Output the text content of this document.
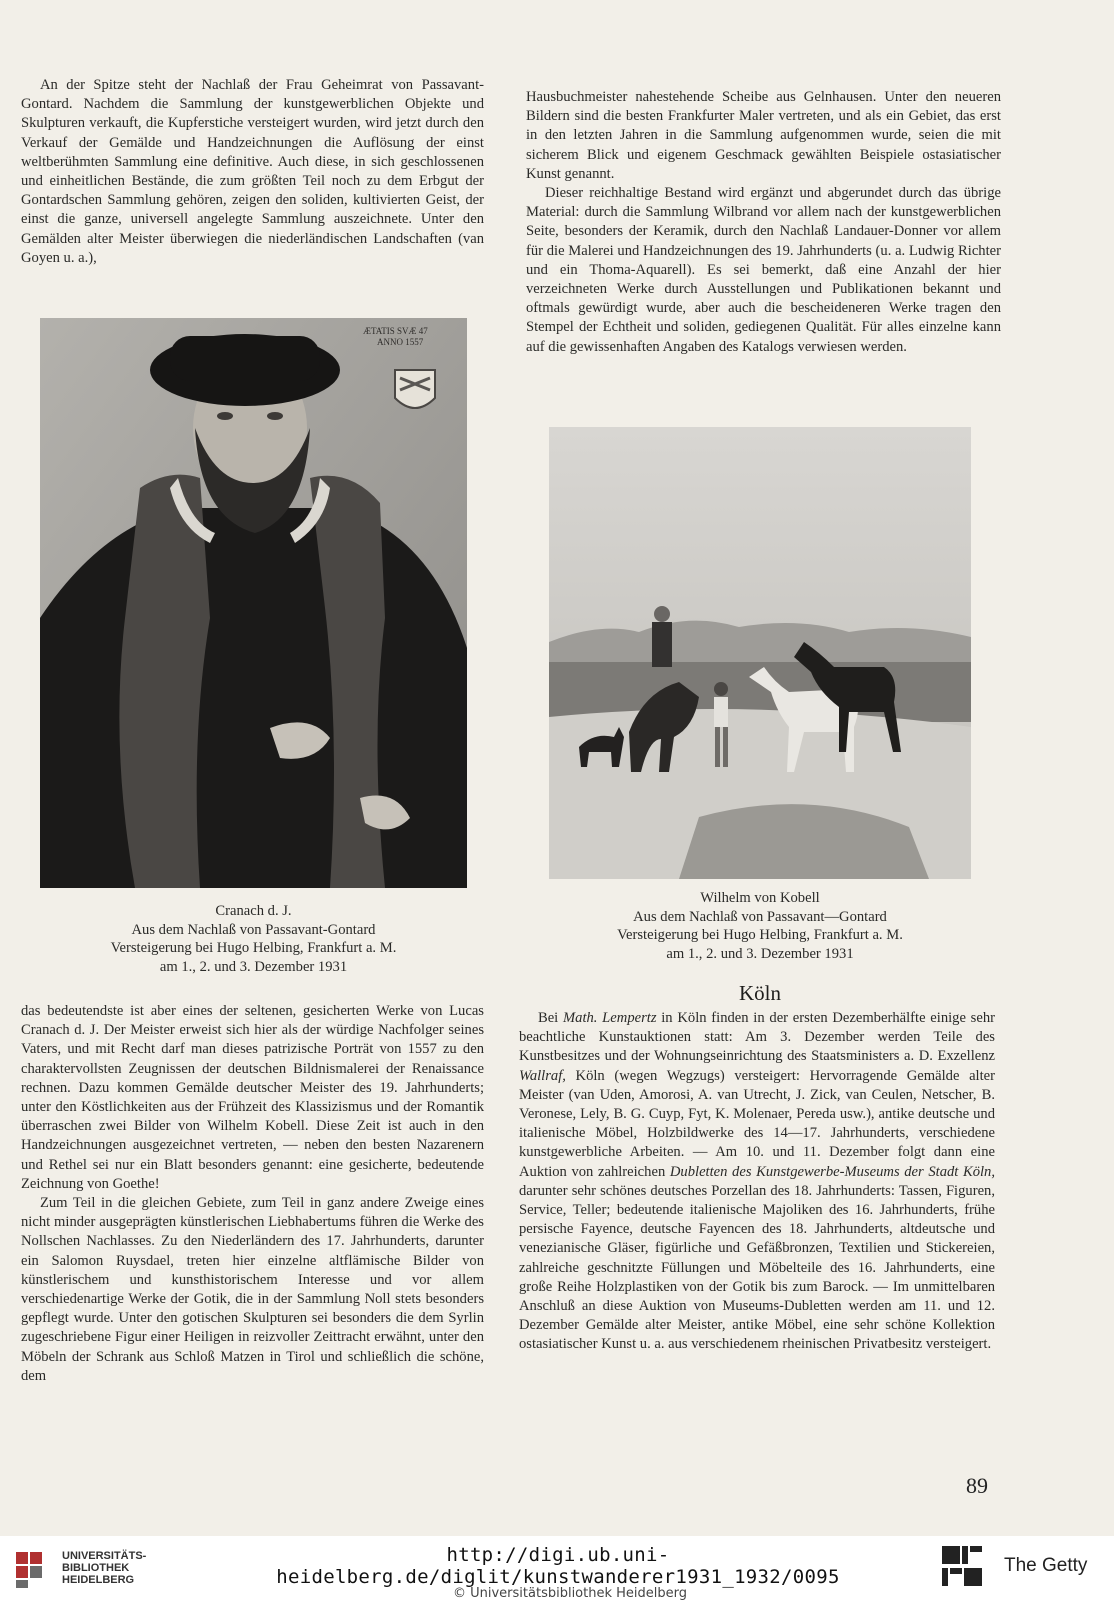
An der Spitze steht der Nachlaß der Frau Geheimrat von Passavant-Gontard. Nachdem die Sammlung der kunstgewerblichen Objekte und Skulpturen verkauft, die Kupferstiche versteigert wurden, wird jetzt durch den Verkauf der Gemälde und Handzeichnungen die Auflösung der einst weltberühmten Sammlung eine definitive. Auch diese, in sich geschlossenen und einheitlichen Bestände, die zum größten Teil noch zu dem Erbgut der Gontardschen Sammlung gehören, zeigen den soliden, kultivierten Geist, der einst die ganze, universell angelegte Sammlung auszeichnete. Unter den Gemälden alter Meister überwiegen die niederländischen Landschaften (van Goyen u. a.),

ÆTATIS SVÆ 47
ANNO 1557
Cranach d. J.
Aus dem Nachlaß von Passavant-Gontard
Versteigerung bei Hugo Helbing, Frankfurt a. M.
am 1., 2. und 3. Dezember 1931

das bedeutendste ist aber eines der seltenen, gesicherten Werke von Lucas Cranach d. J. Der Meister erweist sich hier als der würdige Nachfolger seines Vaters, und mit Recht darf man dieses patrizische Porträt von 1557 zu den charaktervollsten Zeugnissen der deutschen Bildnismalerei der Renaissance rechnen. Dazu kommen Gemälde deutscher Meister des 19. Jahrhunderts; unter den Köstlichkeiten aus der Frühzeit des Klassizismus und der Romantik überraschen zwei Bilder von Wilhelm Kobell. Diese Zeit ist auch in den Handzeichnungen ausgezeichnet vertreten, — neben den besten Nazarenern und Rethel sei nur ein Blatt besonders genannt: eine gesicherte, bedeutende Zeichnung von Goethe!

Zum Teil in die gleichen Gebiete, zum Teil in ganz andere Zweige eines nicht minder ausgeprägten künstlerischen Liebhabertums führen die Werke des Nollschen Nachlasses. Zu den Niederländern des 17. Jahrhunderts, darunter ein Salomon Ruysdael, treten hier einzelne altflämische Bilder von künstlerischem und kunsthistorischem Interesse und vor allem verschiedenartige Werke der Gotik, die in der Sammlung Noll stets besonders gepflegt wurde. Unter den gotischen Skulpturen sei besonders die dem Syrlin zugeschriebene Figur einer Heiligen in reizvoller Zeittracht erwähnt, unter den Möbeln der Schrank aus Schloß Matzen in Tirol und schließlich die schöne, dem

Hausbuchmeister nahestehende Scheibe aus Gelnhausen. Unter den neueren Bildern sind die besten Frankfurter Maler vertreten, und als ein Gebiet, das erst in den letzten Jahren in die Sammlung aufgenommen wurde, seien die mit sicherem Blick und eigenem Geschmack gewählten Beispiele ostasiatischer Kunst genannt.

Dieser reichhaltige Bestand wird ergänzt und abgerundet durch das übrige Material: durch die Sammlung Wilbrand vor allem nach der kunstgewerblichen Seite, besonders der Keramik, durch den Nachlaß Landauer-Donner vor allem für die Malerei und Handzeichnungen des 19. Jahrhunderts (u. a. Ludwig Richter und ein Thoma-Aquarell). Es sei bemerkt, daß eine Anzahl der hier verzeichneten Werke durch Ausstellungen und Publikationen bekannt und oftmals gewürdigt wurde, aber auch die bescheideneren Werke tragen den Stempel der Echtheit und soliden, gediegenen Qualität. Für alles einzelne kann auf die gewissenhaften Angaben des Katalogs verwiesen werden.

Wilhelm von Kobell
Aus dem Nachlaß von Passavant—Gontard
Versteigerung bei Hugo Helbing, Frankfurt a. M.
am 1., 2. und 3. Dezember 1931
Köln

Bei Math. Lempertz in Köln finden in der ersten Dezemberhälfte einige sehr beachtliche Kunstauktionen statt: Am 3. Dezember werden Teile des Kunstbesitzes und der Wohnungseinrichtung des Staatsministers a. D. Exzellenz Wallraf, Köln (wegen Wegzugs) versteigert: Hervorragende Gemälde alter Meister (van Uden, Amorosi, A. van Utrecht, J. Zick, van Ceulen, Netscher, B. Veronese, Lely, B. G. Cuyp, Fyt, K. Molenaer, Pereda usw.), antike deutsche und italienische Möbel, Holzbildwerke des 14—17. Jahrhunderts, verschiedene kunstgewerbliche Arbeiten. — Am 10. und 11. Dezember folgt dann eine Auktion von zahlreichen Dubletten des Kunstgewerbe-Museums der Stadt Köln, darunter sehr schönes deutsches Porzellan des 18. Jahrhunderts: Tassen, Figuren, Service, Teller; bedeutende italienische Majoliken des 16. Jahrhunderts, frühe persische Fayence, deutsche Fayencen des 18. Jahrhunderts, altdeutsche und venezianische Gläser, figürliche und Gefäßbronzen, Textilien und Stickereien, zahlreiche geschnitzte Füllungen und Möbelteile des 16. Jahrhunderts, eine große Reihe Holzplastiken von der Gotik bis zum Barock. — Im unmittelbaren Anschluß an diese Auktion von Museums-Dubletten werden am 11. und 12. Dezember Gemälde alter Meister, antike Möbel, eine sehr schöne Kollektion ostasiatischer Kunst u. a. aus verschiedenem rheinischen Privatbesitz versteigert.

89
UNIVERSITÄTS-
BIBLIOTHEK
HEIDELBERG
http://digi.ub.uni-heidelberg.de/diglit/kunstwanderer1931_1932/0095
© Universitätsbibliothek Heidelberg
The Getty
